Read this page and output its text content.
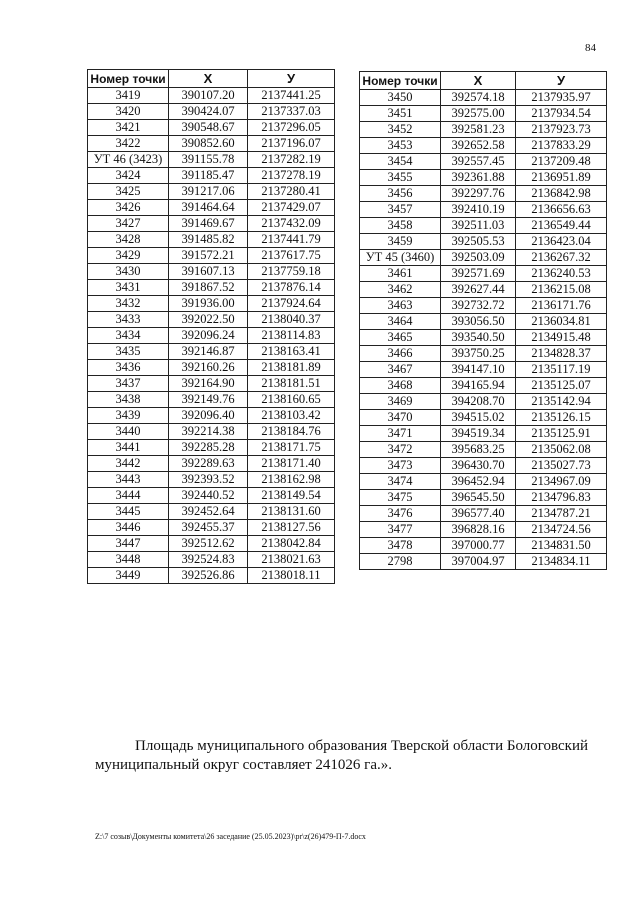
84
Номер точки	X	У
3419	390107.20	2137441.25
3420	390424.07	2137337.03
3421	390548.67	2137296.05
3422	390852.60	2137196.07
УТ 46 (3423)	391155.78	2137282.19
3424	391185.47	2137278.19
3425	391217.06	2137280.41
3426	391464.64	2137429.07
3427	391469.67	2137432.09
3428	391485.82	2137441.79
3429	391572.21	2137617.75
3430	391607.13	2137759.18
3431	391867.52	2137876.14
3432	391936.00	2137924.64
3433	392022.50	2138040.37
3434	392096.24	2138114.83
3435	392146.87	2138163.41
3436	392160.26	2138181.89
3437	392164.90	2138181.51
3438	392149.76	2138160.65
3439	392096.40	2138103.42
3440	392214.38	2138184.76
3441	392285.28	2138171.75
3442	392289.63	2138171.40
3443	392393.52	2138162.98
3444	392440.52	2138149.54
3445	392452.64	2138131.60
3446	392455.37	2138127.56
3447	392512.62	2138042.84
3448	392524.83	2138021.63
3449	392526.86	2138018.11
Номер точки	X	У
3450	392574.18	2137935.97
3451	392575.00	2137934.54
3452	392581.23	2137923.73
3453	392652.58	2137833.29
3454	392557.45	2137209.48
3455	392361.88	2136951.89
3456	392297.76	2136842.98
3457	392410.19	2136656.63
3458	392511.03	2136549.44
3459	392505.53	2136423.04
УТ 45 (3460)	392503.09	2136267.32
3461	392571.69	2136240.53
3462	392627.44	2136215.08
3463	392732.72	2136171.76
3464	393056.50	2136034.81
3465	393540.50	2134915.48
3466	393750.25	2134828.37
3467	394147.10	2135117.19
3468	394165.94	2135125.07
3469	394208.70	2135142.94
3470	394515.02	2135126.15
3471	394519.34	2135125.91
3472	395683.25	2135062.08
3473	396430.70	2135027.73
3474	396452.94	2134967.09
3475	396545.50	2134796.83
3476	396577.40	2134787.21
3477	396828.16	2134724.56
3478	397000.77	2134831.50
2798	397004.97	2134834.11
Площадь муниципального образования Тверской области Бологовский муниципальный округ составляет 241026 га.».
Z:\7 созыв\Документы комитета\26 заседание (25.05.2023)\pr\z(26)479-П-7.docx
